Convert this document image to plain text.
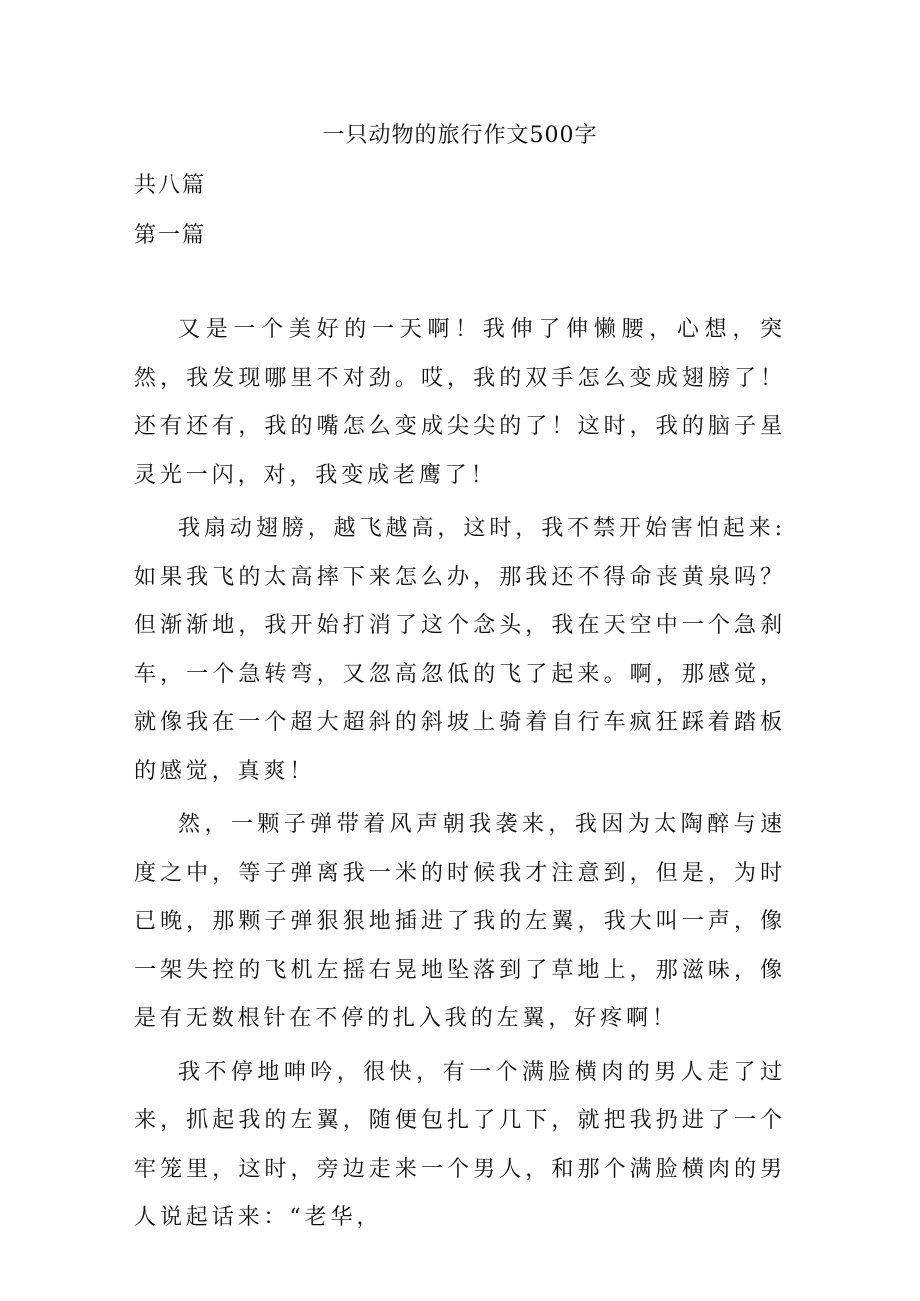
一只动物的旅行作文500字
共八篇
第一篇

又是一个美好的一天啊！我伸了伸懒腰，心想，突然，我发现哪里不对劲。哎，我的双手怎么变成翅膀了！还有还有，我的嘴怎么变成尖尖的了！这时，我的脑子星灵光一闪，对，我变成老鹰了！

我扇动翅膀，越飞越高，这时，我不禁开始害怕起来:如果我飞的太高摔下来怎么办，那我还不得命丧黄泉吗？但渐渐地，我开始打消了这个念头，我在天空中一个急刹车，一个急转弯，又忽高忽低的飞了起来。啊，那感觉，就像我在一个超大超斜的斜坡上骑着自行车疯狂踩着踏板的感觉，真爽！

然，一颗子弹带着风声朝我袭来，我因为太陶醉与速度之中，等子弹离我一米的时候我才注意到，但是，为时已晚，那颗子弹狠狠地插进了我的左翼，我大叫一声，像一架失控的飞机左摇右晃地坠落到了草地上，那滋味，像是有无数根针在不停的扎入我的左翼，好疼啊！

我不停地呻吟，很快，有一个满脸横肉的男人走了过来，抓起我的左翼，随便包扎了几下，就把我扔进了一个牢笼里，这时，旁边走来一个男人，和那个满脸横肉的男人说起话来：“老华，
